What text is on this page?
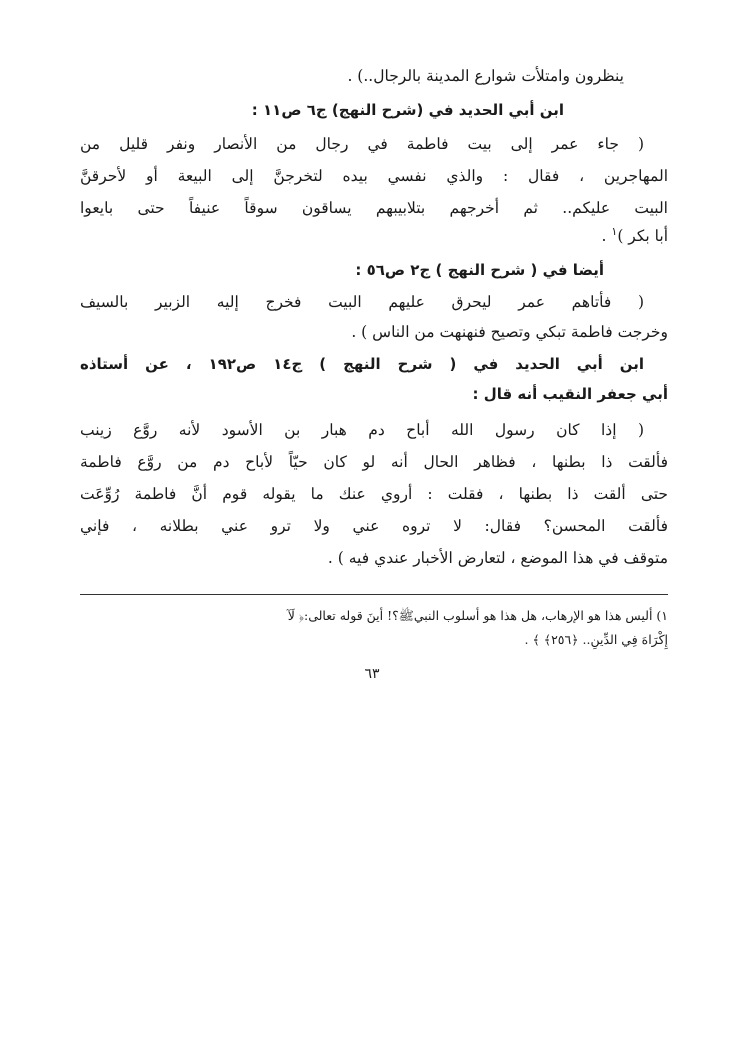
ينظرون وامتلأت شوارع المدينة بالرجال..) .
ابن أبي الحديد في (شرح النهج) ج٦ ص١١ :
( جاء عمر إلى بيت فاطمة في رجال من الأنصار ونفر قليل من
المهاجرين ، فقال : والذي نفسي بيده لتخرجنَّ إلى البيعة أو لأحرقنَّ
البيت عليكم.. ثم أخرجهم بتلابيبهم يساقون سوقاً عنيفاً حتى بايعوا
أبا بكر )$^١$ .
أيضا في ( شرح النهج ) ج٢ ص٥٦ :
( فأتاهم عمر ليحرق عليهم البيت فخرج إليه الزبير بالسيف
وخرجت فاطمة تبكي وتصيح فنهنهت من الناس ) .
ابن أبي الحديد في ( شرح النهج ) ج١٤ ص١٩٢ ، عن أستاذه
أبي جعفر النقيب أنه قال :
( إذا كان رسول الله أباح دم هبار بن الأسود لأنه روَّع زينب
فألقت ذا بطنها ، فظاهر الحال أنه لو كان حيّاً لأباح دم من روَّع فاطمة
حتى ألقت ذا بطنها ، فقلت : أروي عنك ما يقوله قوم أنَّ فاطمة رُوِّعَت
فألقت المحسن؟ فقال: لا تروه عني ولا ترو عني بطلانه ، فإني
متوقف في هذا الموضع ، لتعارض الأخبار عندي فيه ) .
١) أليس هذا هو الإرهاب، هل هذا هو أسلوب النبيﷺ؟! أينَ قوله تعالى:﴿ لَآ
إِكْرَاهَ فِي الدِّينِ.. ﴿٢٥٦﴾ ﴾ .
٦٣
